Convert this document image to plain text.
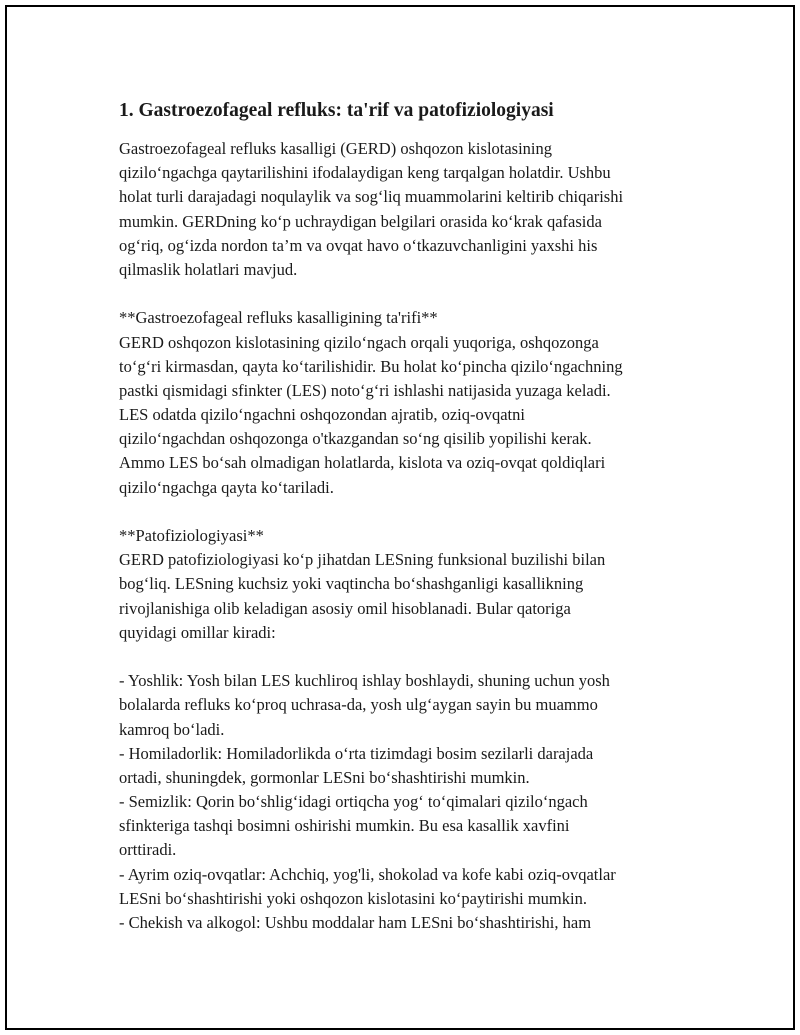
1. Gastroezofageal refluks: ta'rif va patofiziologiyasi
Gastroezofageal refluks kasalligi (GERD) oshqozon kislotasining
qizilo‘ngachga qaytarilishini ifodalaydigan keng tarqalgan holatdir. Ushbu
holat turli darajadagi noqulaylik va sog‘liq muammolarini keltirib chiqarishi
mumkin. GERDning ko‘p uchraydigan belgilari orasida ko‘krak qafasida
og‘riq, og‘izda nordon ta’m va ovqat havo o‘tkazuvchanligini yaxshi his
qilmaslik holatlari mavjud.
**Gastroezofageal refluks kasalligining ta'rifi**
GERD oshqozon kislotasining qizilo‘ngach orqali yuqoriga, oshqozonga
to‘g‘ri kirmasdan, qayta ko‘tarilishidir. Bu holat ko‘pincha qizilo‘ngachning
pastki qismidagi sfinkter (LES) noto‘g‘ri ishlashi natijasida yuzaga keladi.
LES odatda qizilo‘ngachni oshqozondan ajratib, oziq-ovqatni
qizilo‘ngachdan oshqozonga o'tkazgandan so‘ng qisilib yopilishi kerak.
Ammo LES bo‘sah olmadigan holatlarda, kislota va oziq-ovqat qoldiqlari
qizilo‘ngachga qayta ko‘tariladi.
**Patofiziologiyasi**
GERD patofiziologiyasi ko‘p jihatdan LESning funksional buzilishi bilan
bog‘liq. LESning kuchsiz yoki vaqtincha bo‘shashganligi kasallikning
rivojlanishiga olib keladigan asosiy omil hisoblanadi. Bular qatoriga
quyidagi omillar kiradi:
- Yoshlik: Yosh bilan LES kuchliroq ishlay boshlaydi, shuning uchun yosh
bolalarda refluks ko‘proq uchrasa-da, yosh ulg‘aygan sayin bu muammo
kamroq bo‘ladi.
- Homiladorlik: Homiladorlikda o‘rta tizimdagi bosim sezilarli darajada
ortadi, shuningdek, gormonlar LESni bo‘shashtirishi mumkin.
- Semizlik: Qorin bo‘shlig‘idagi ortiqcha yog‘ to‘qimalari qizilo‘ngach
sfinkteriga tashqi bosimni oshirishi mumkin. Bu esa kasallik xavfini
orttiradi.
- Ayrim oziq-ovqatlar: Achchiq, yog'li, shokolad va kofe kabi oziq-ovqatlar
LESni bo‘shashtirishi yoki oshqozon kislotasini ko‘paytirishi mumkin.
- Chekish va alkogol: Ushbu moddalar ham LESni bo‘shashtirishi, ham
